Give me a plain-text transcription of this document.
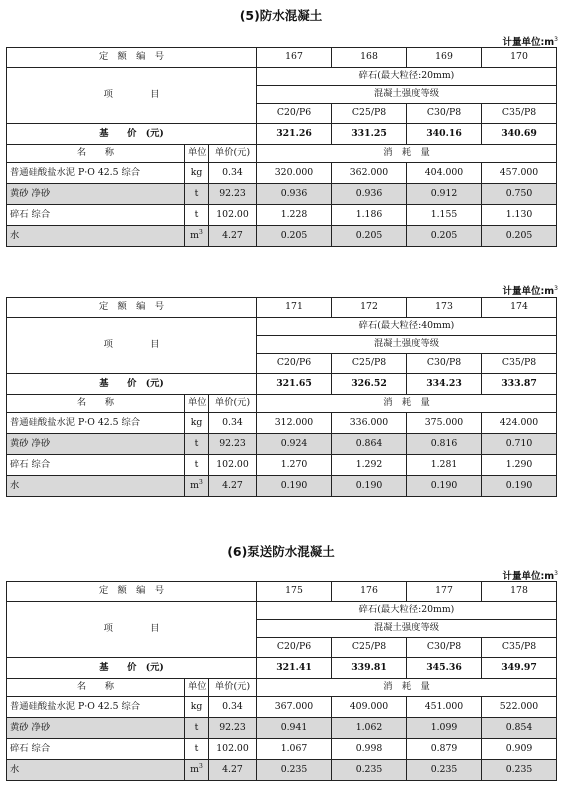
(5)防水混凝土
计量单位$:m^3$
定　额　编　号			167	168	169	170
项　　　　目			碎石(最大粒径:20mm)			
			混凝土强度等级			
			C20/P6	C25/P8	C30/P8	C35/P8
基　　价　(元)			321.26	331.25	340.16	340.69
名　　称	单位	单价(元)	消　耗　量			
普通硅酸盐水泥 P·O 42.5 综合	kg	0.34	320.000	362.000	404.000	457.000
黄砂 净砂	t	92.23	0.936	0.936	0.912	0.750
碎石 综合	t	102.00	1.228	1.186	1.155	1.130
水	$m^3$	4.27	0.205	0.205	0.205	0.205
计量单位$:m^3$
定　额　编　号			171	172	173	174
项　　　　目			碎石(最大粒径:40mm)			
			混凝土强度等级			
			C20/P6	C25/P8	C30/P8	C35/P8
基　　价　(元)			321.65	326.52	334.23	333.87
名　　称	单位	单价(元)	消　耗　量			
普通硅酸盐水泥 P·O 42.5 综合	kg	0.34	312.000	336.000	375.000	424.000
黄砂 净砂	t	92.23	0.924	0.864	0.816	0.710
碎石 综合	t	102.00	1.270	1.292	1.281	1.290
水	$m^3$	4.27	0.190	0.190	0.190	0.190
(6)泵送防水混凝土
计量单位$:m^3$
定　额　编　号			175	176	177	178
项　　　　目			碎石(最大粒径:20mm)			
			混凝土强度等级			
			C20/P6	C25/P8	C30/P8	C35/P8
基　　价　(元)			321.41	339.81	345.36	349.97
名　　称	单位	单价(元)	消　耗　量			
普通硅酸盐水泥 P·O 42.5 综合	kg	0.34	367.000	409.000	451.000	522.000
黄砂 净砂	t	92.23	0.941	1.062	1.099	0.854
碎石 综合	t	102.00	1.067	0.998	0.879	0.909
水	$m^3$	4.27	0.235	0.235	0.235	0.235
